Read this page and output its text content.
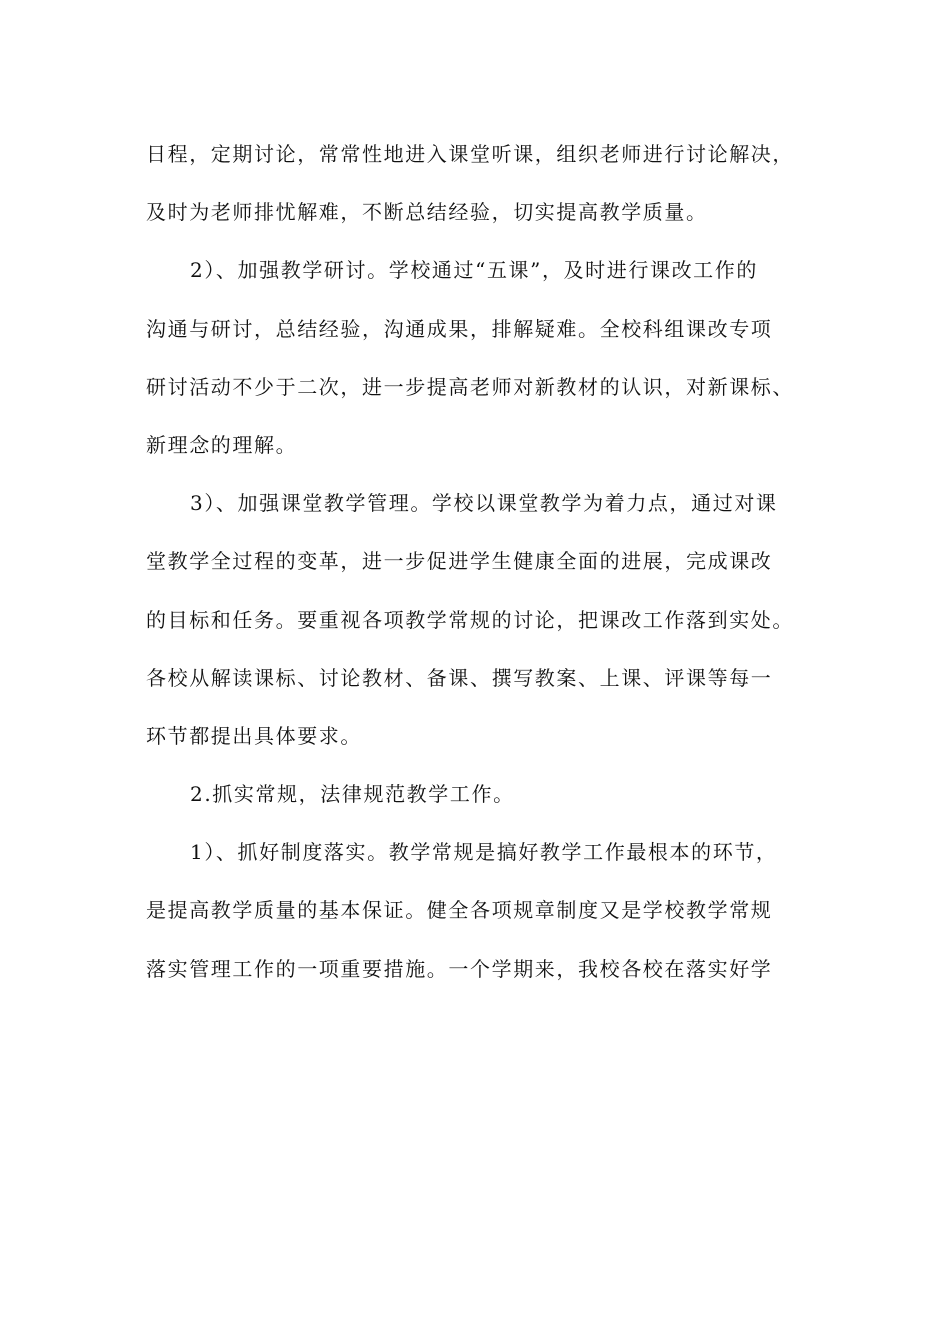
日程，定期讨论，常常性地进入课堂听课，组织老师进行讨论解决，
及时为老师排忧解难，不断总结经验，切实提高教学质量。
2）、加强教学研讨。学校通过“五课”，及时进行课改工作的
沟通与研讨，总结经验，沟通成果，排解疑难。全校科组课改专项
研讨活动不少于二次，进一步提高老师对新教材的认识，对新课标、
新理念的理解。
3）、加强课堂教学管理。学校以课堂教学为着力点，通过对课
堂教学全过程的变革，进一步促进学生健康全面的进展，完成课改
的目标和任务。要重视各项教学常规的讨论，把课改工作落到实处。
各校从解读课标、讨论教材、备课、撰写教案、上课、评课等每一
环节都提出具体要求。
2.抓实常规，法律规范教学工作。
1）、抓好制度落实。教学常规是搞好教学工作最根本的环节，
是提高教学质量的基本保证。健全各项规章制度又是学校教学常规
落实管理工作的一项重要措施。一个学期来，我校各校在落实好学
